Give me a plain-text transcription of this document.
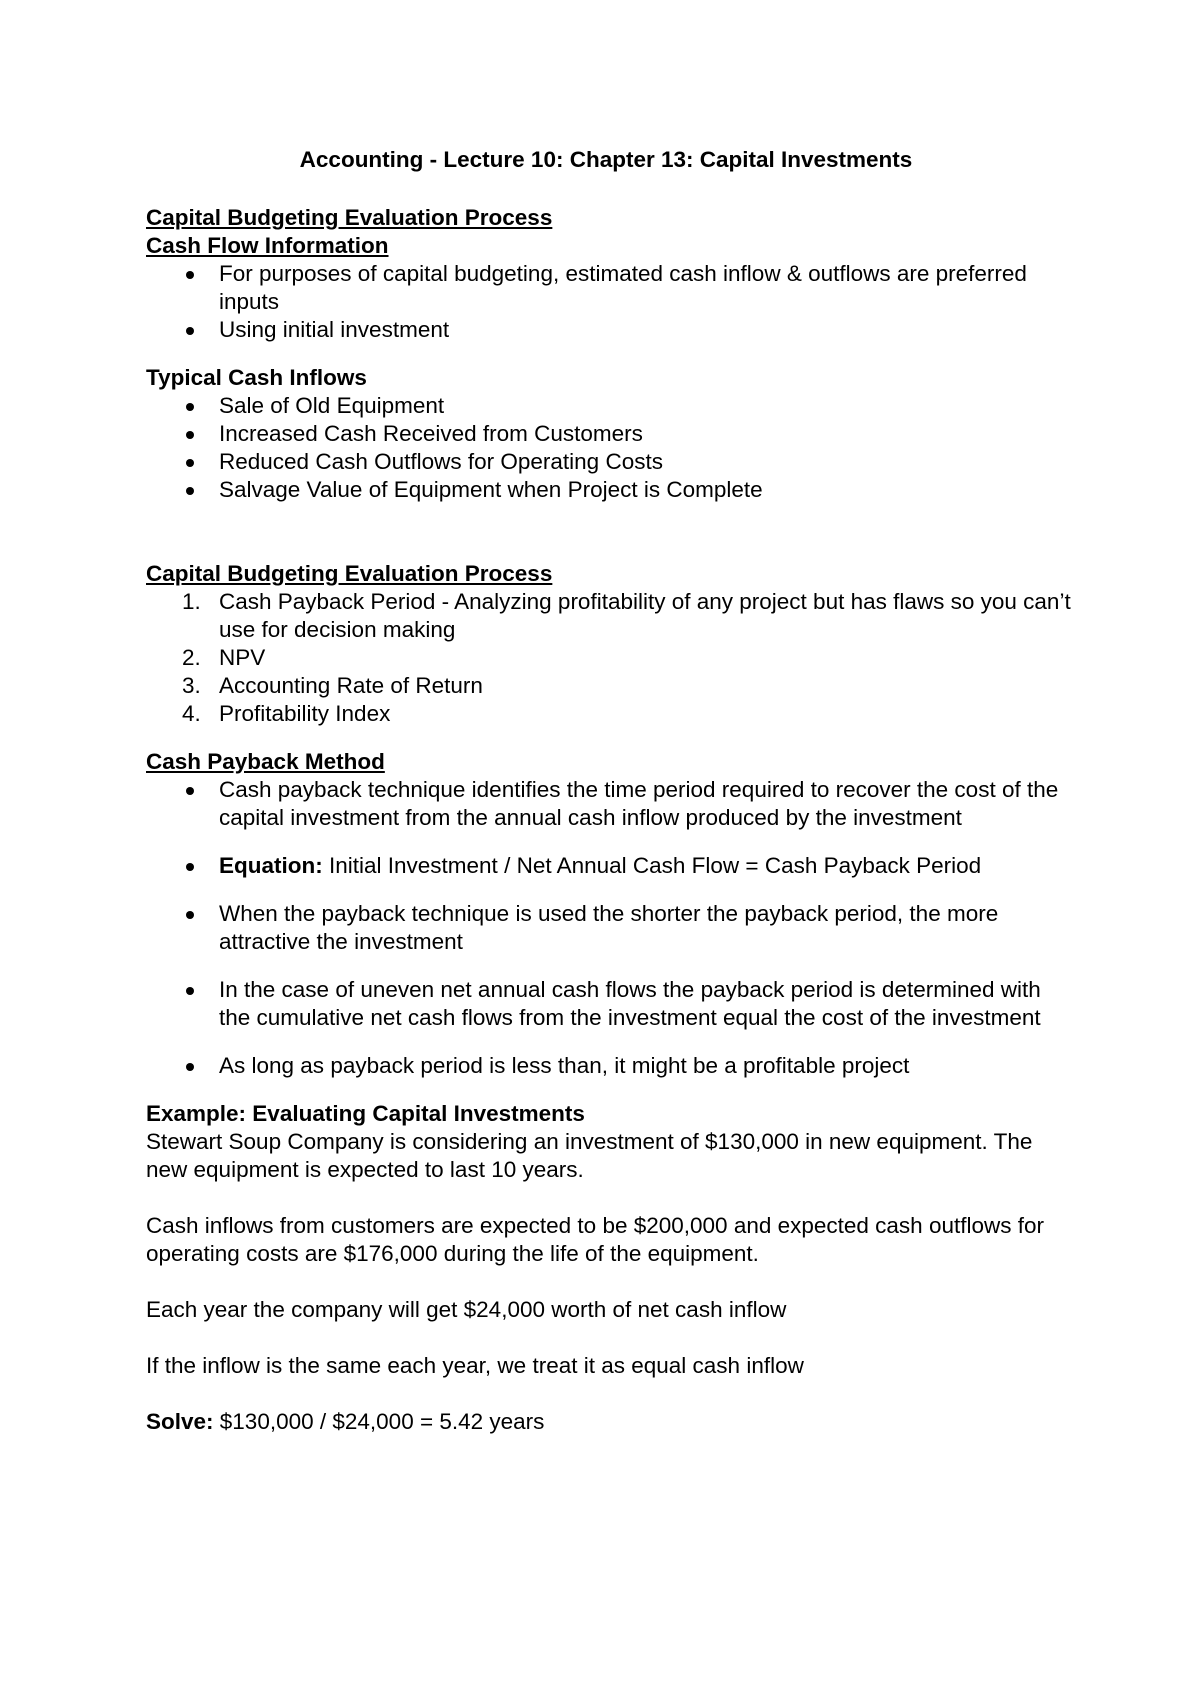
Accounting - Lecture 10: Chapter 13: Capital Investments
Capital Budgeting Evaluation Process
Cash Flow Information
For purposes of capital budgeting, estimated cash inflow & outflows are preferred inputs
Using initial investment
Typical Cash Inflows
Sale of Old Equipment
Increased Cash Received from Customers
Reduced Cash Outflows for Operating Costs
Salvage Value of Equipment when Project is Complete
Capital Budgeting Evaluation Process
1. Cash Payback Period - Analyzing profitability of any project but has flaws so you can’t use for decision making
2. NPV
3. Accounting Rate of Return
4. Profitability Index
Cash Payback Method
Cash payback technique identifies the time period required to recover the cost of the capital investment from the annual cash inflow produced by the investment
Equation: Initial Investment / Net Annual Cash Flow = Cash Payback Period
When the payback technique is used the shorter the payback period, the more attractive the investment
In the case of uneven net annual cash flows the payback period is determined with the cumulative net cash flows from the investment equal the cost of the investment
As long as payback period is less than, it might be a profitable project
Example: Evaluating Capital Investments

Stewart Soup Company is considering an investment of $130,000 in new equipment. The new equipment is expected to last 10 years.

Cash inflows from customers are expected to be $200,000 and expected cash outflows for operating costs are $176,000 during the life of the equipment.

Each year the company will get $24,000 worth of net cash inflow

If the inflow is the same each year, we treat it as equal cash inflow

Solve: $130,000 / $24,000 = 5.42 years
